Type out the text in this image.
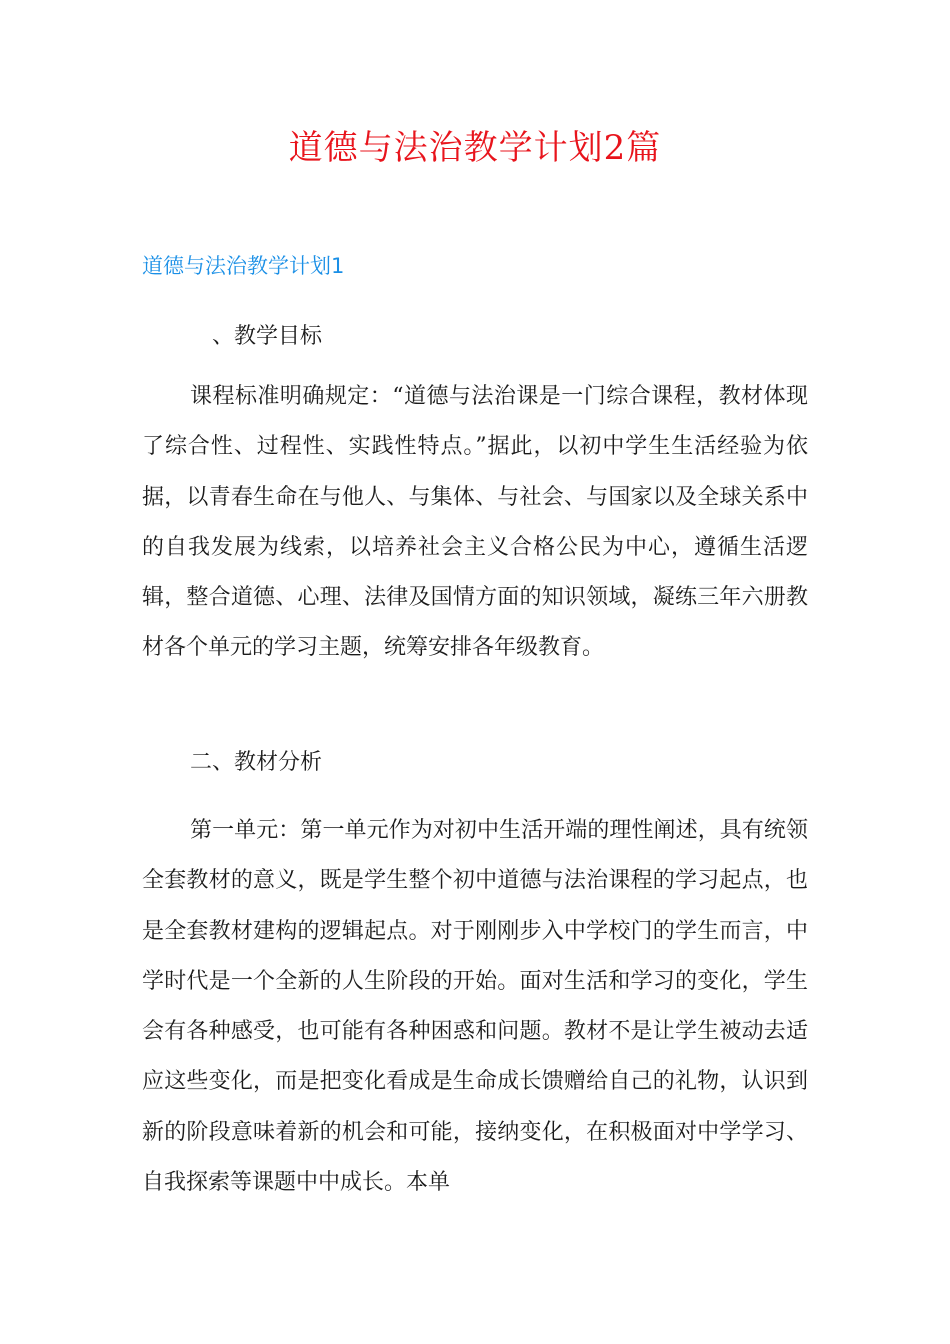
道德与法治教学计划2篇
道德与法治教学计划1
、教学目标

课程标准明确规定：“道德与法治课是一门综合课程，教材体现了综合性、过程性、实践性特点。”据此，以初中学生生活经验为依据，以青春生命在与他人、与集体、与社会、与国家以及全球关系中的自我发展为线索，以培养社会主义合格公民为中心，遵循生活逻辑，整合道德、心理、法律及国情方面的知识领域，凝练三年六册教材各个单元的学习主题，统筹安排各年级教育。

二、教材分析

第一单元：第一单元作为对初中生活开端的理性阐述，具有统领全套教材的意义，既是学生整个初中道德与法治课程的学习起点，也是全套教材建构的逻辑起点。对于刚刚步入中学校门的学生而言，中学时代是一个全新的人生阶段的开始。面对生活和学习的变化，学生会有各种感受，也可能有各种困惑和问题。教材不是让学生被动去适应这些变化，而是把变化看成是生命成长馈赠给自己的礼物，认识到新的阶段意味着新的机会和可能，接纳变化，在积极面对中学学习、自我探索等课题中中成长。本单
